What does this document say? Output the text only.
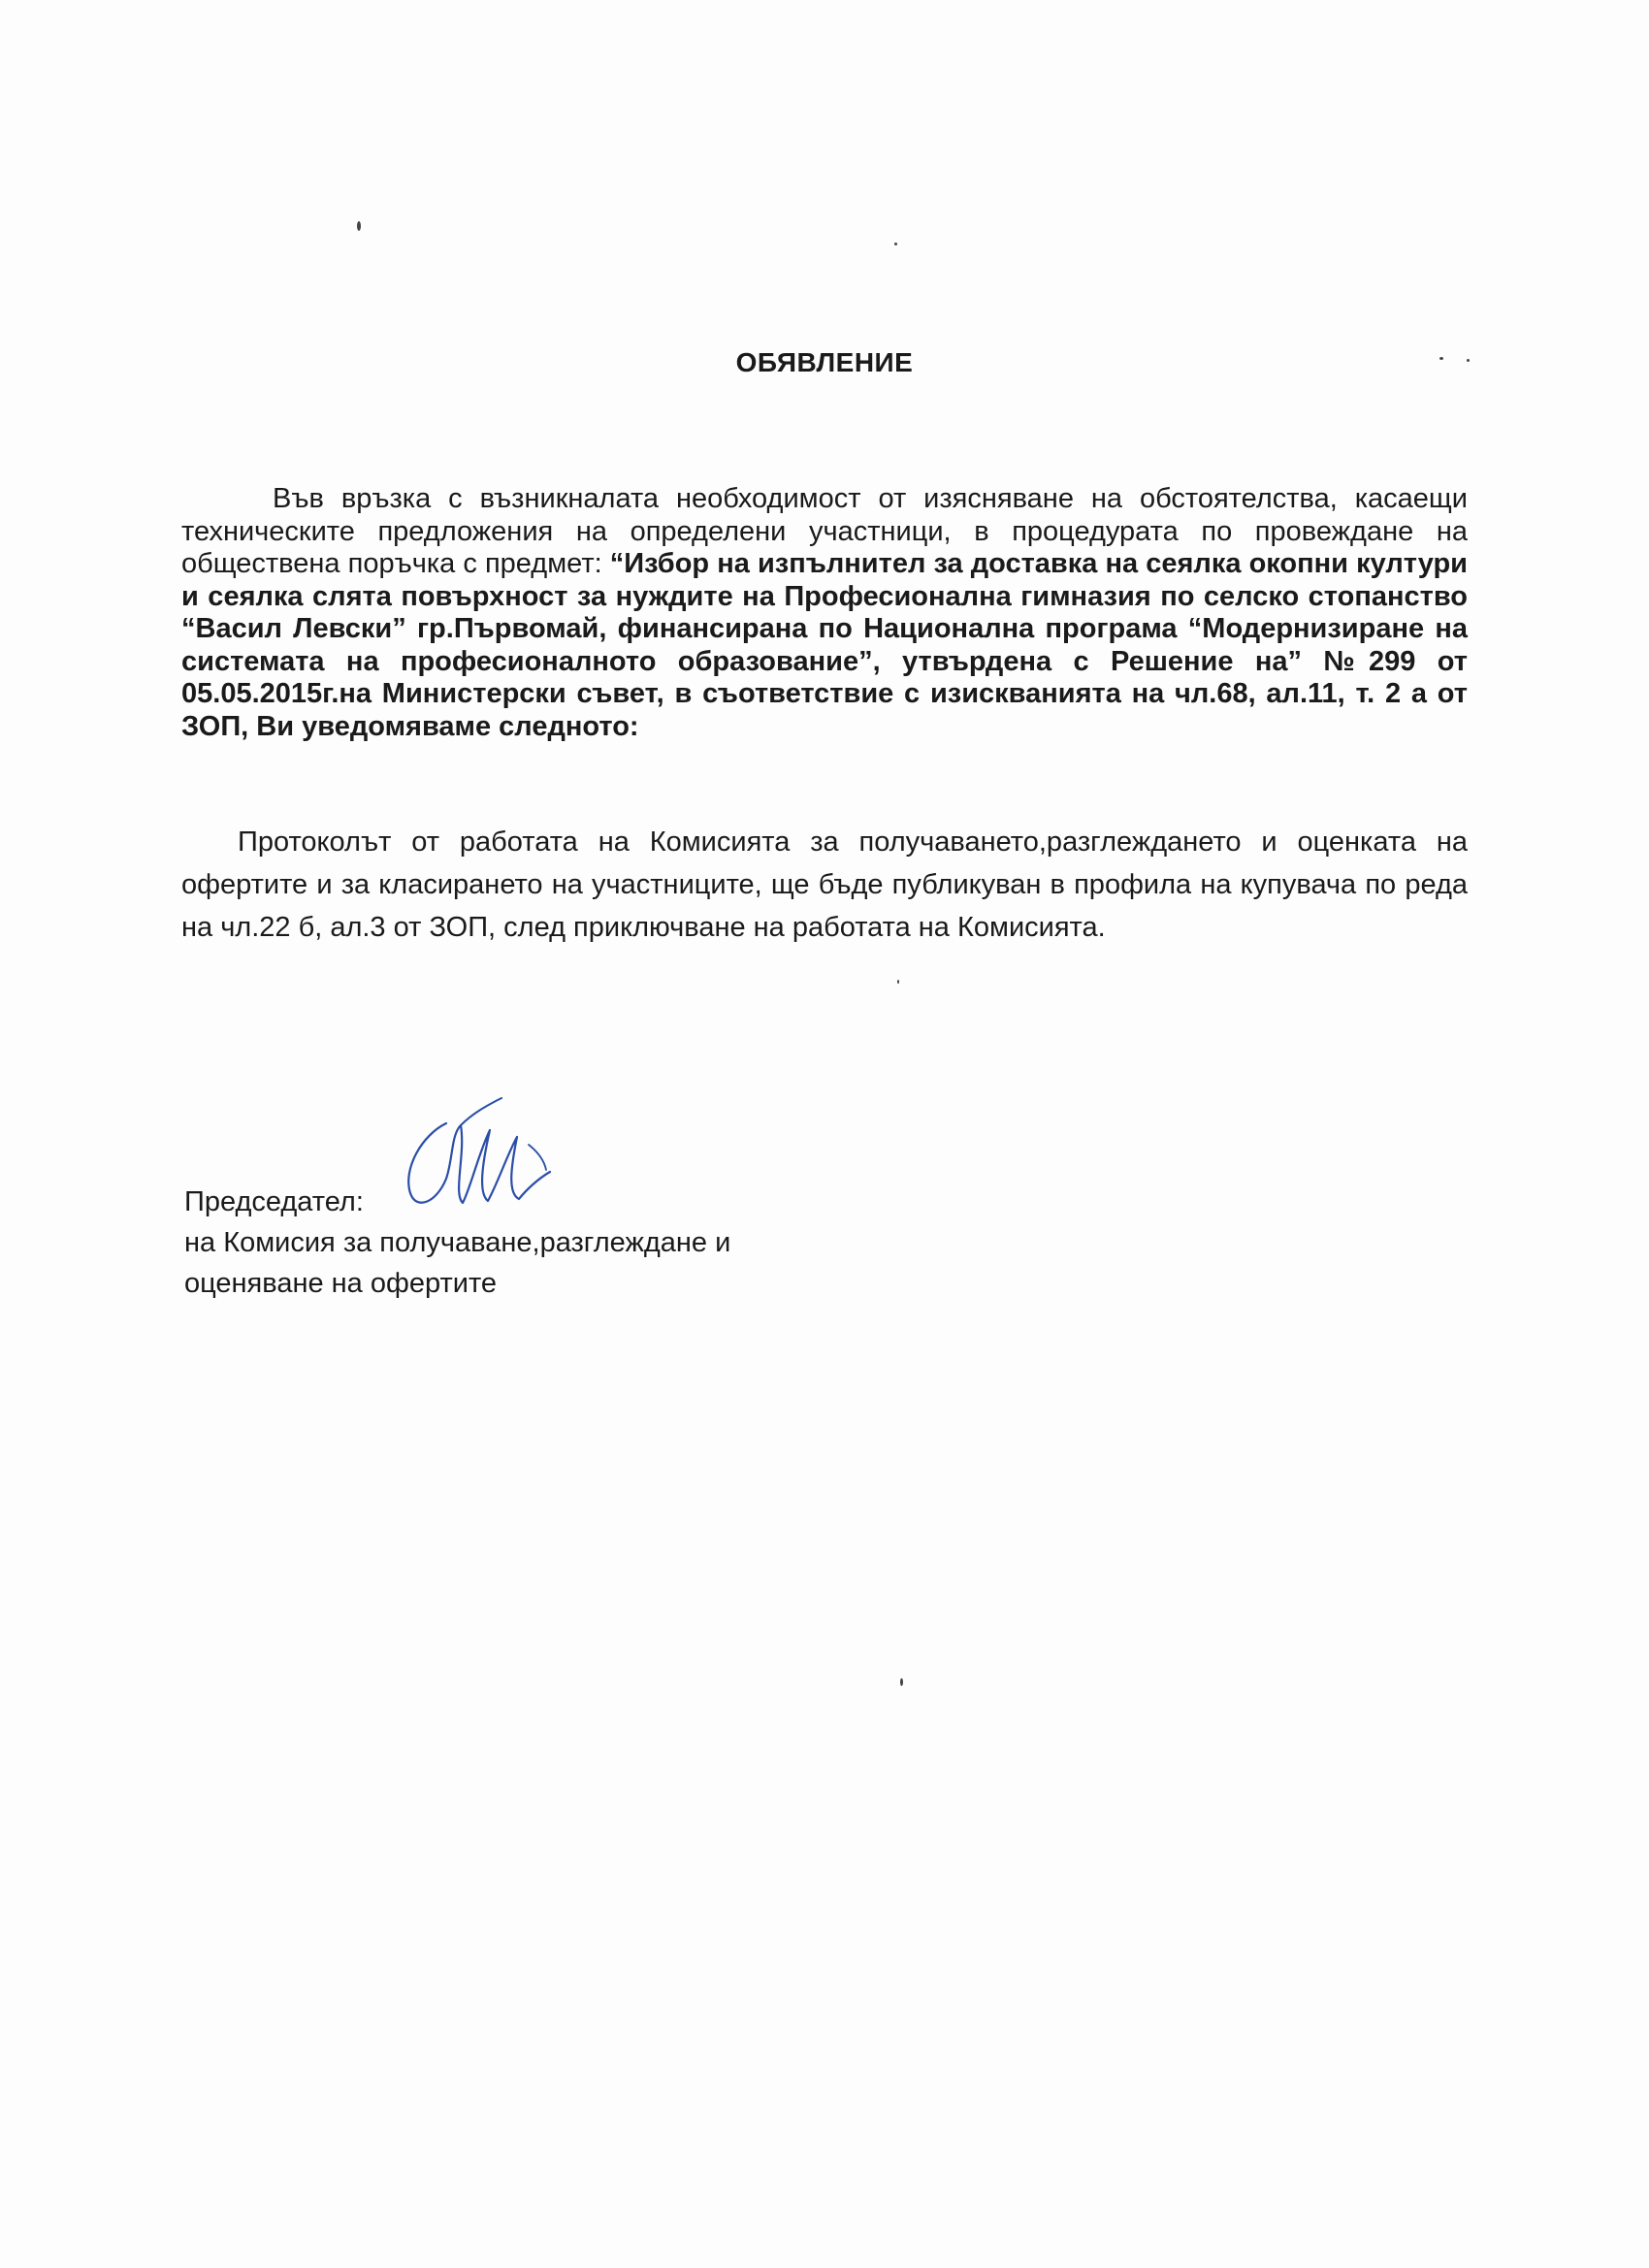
ОБЯВЛЕНИЕ
Във връзка с възникналата необходимост от изясняване на обстоятелства, касаещи техническите предложения на определени участници, в процедурата по провеждане на обществена поръчка с предмет: “Избор на изпълнител за доставка на сеялка окопни култури и сеялка слята повърхност за нуждите на Професионална гимназия по селско стопанство “Васил Левски” гр.Първомай, финансирана по Национална програма “Модернизиране на системата на професионалното образование”, утвърдена с Решение на” №299 от 05.05.2015г.на Министерски съвет, в съответствие с изискванията на чл.68, ал.11, т. 2 а от ЗОП, Ви уведомяваме следното:
Протоколът от работата на Комисията за получаването,разглеждането и оценката на офертите и за класирането на участниците, ще бъде публикуван в профила на купувача по реда на чл.22 б, ал.3 от ЗОП, след приключване на работата на Комисията.
Председател:
на Комисия за получаване,разглеждане и
оценяване на офертите
